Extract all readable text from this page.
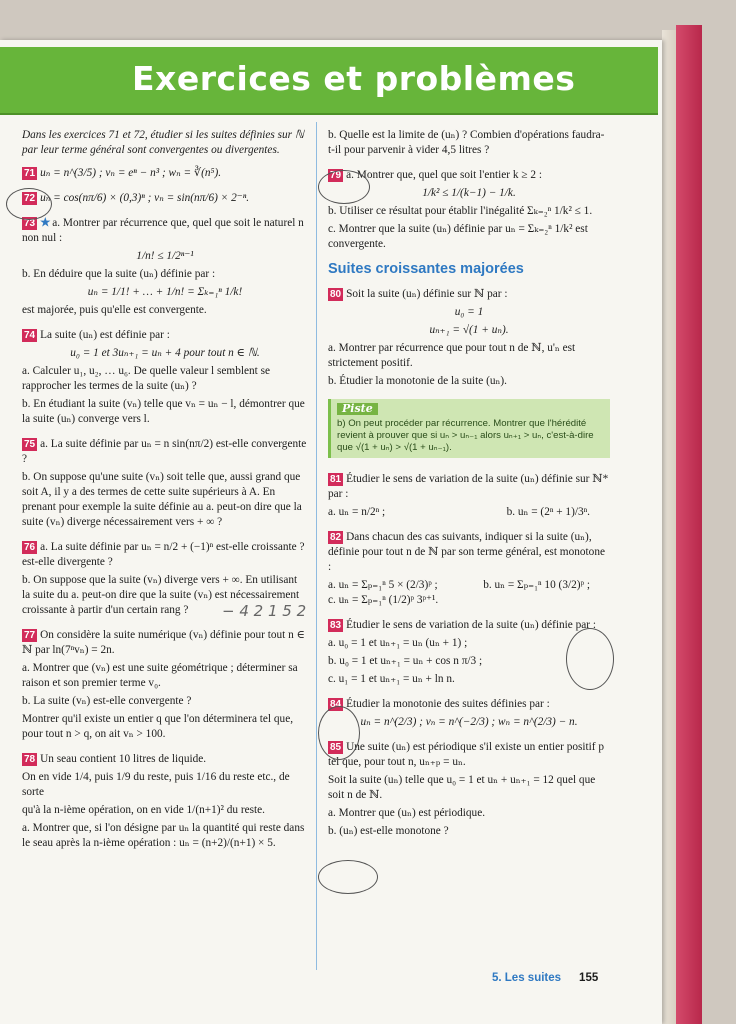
Exercices et problèmes

Dans les exercices 71 et 72, étudier si les suites définies sur ℕ par leur terme général sont convergentes ou divergentes.

71 uₙ = n^(3/5) ; vₙ = eⁿ − n³ ; wₙ = ∛(n⁵).

72 uₙ = cos(nπ/6) × (0,3)ⁿ ; vₙ = sin(nπ/6) × 2⁻ⁿ.

73 ★ a. Montrer par récurrence que, quel que soit le naturel n non nul :

1/n! ≤ 1/2ⁿ⁻¹

b. En déduire que la suite (uₙ) définie par :

uₙ = 1/1! + … + 1/n! = Σₖ₌₁ⁿ 1/k!

est majorée, puis qu'elle est convergente.

74 La suite (uₙ) est définie par :

u₀ = 1 et 3uₙ₊₁ = uₙ + 4 pour tout n ∈ ℕ.

a. Calculer u₁, u₂, … u₆. De quelle valeur l semblent se rapprocher les termes de la suite (uₙ) ?

b. En étudiant la suite (vₙ) telle que vₙ = uₙ − l, démontrer que la suite (uₙ) converge vers l.

75 a. La suite définie par uₙ = n sin(nπ/2) est-elle convergente ?

b. On suppose qu'une suite (vₙ) soit telle que, aussi grand que soit A, il y a des termes de cette suite supérieurs à A. En prenant pour exemple la suite définie au a. peut-on dire que la suite (vₙ) diverge nécessairement vers + ∞ ?

76 a. La suite définie par uₙ = n/2 + (−1)ⁿ est-elle croissante ? est-elle divergente ?

b. On suppose que la suite (vₙ) diverge vers + ∞. En utilisant la suite du a. peut-on dire que la suite (vₙ) est nécessairement croissante à partir d'un certain rang ?

77 On considère la suite numérique (vₙ) définie pour tout n ∈ ℕ par ln(7ⁿvₙ) = 2n.

a. Montrer que (vₙ) est une suite géométrique ; déterminer sa raison et son premier terme v₀.

b. La suite (vₙ) est-elle convergente ?

Montrer qu'il existe un entier q que l'on déterminera tel que, pour tout n > q, on ait vₙ > 100.

78 Un seau contient 10 litres de liquide.

On en vide 1/4, puis 1/9 du reste, puis 1/16 du reste etc., de sorte

qu'à la n-ième opération, on en vide 1/(n+1)² du reste.

a. Montrer que, si l'on désigne par uₙ la quantité qui reste dans le seau après la n-ième opération : uₙ = (n+2)/(n+1) × 5.

b. Quelle est la limite de (uₙ) ? Combien d'opérations faudra-t-il pour parvenir à vider 4,5 litres ?

79 a. Montrer que, quel que soit l'entier k ≥ 2 :

1/k² ≤ 1/(k−1) − 1/k.

b. Utiliser ce résultat pour établir l'inégalité Σₖ₌₂ⁿ 1/k² ≤ 1.

c. Montrer que la suite (uₙ) définie par uₙ = Σₖ₌₂ⁿ 1/k² est convergente.

Suites croissantes majorées

80 Soit la suite (uₙ) définie sur ℕ par :

u₀ = 1

uₙ₊₁ = √(1 + uₙ).

a. Montrer par récurrence que pour tout n de ℕ, u'ₙ est strictement positif.

b. Étudier la monotonie de la suite (uₙ).

Piste
b) On peut procéder par récurrence. Montrer que l'hérédité revient à prouver que si uₙ > uₙ₋₁ alors uₙ₊₁ > uₙ, c'est-à-dire que √(1 + uₙ) > √(1 + uₙ₋₁).

81 Étudier le sens de variation de la suite (uₙ) définie sur ℕ* par :

a. uₙ = n/2ⁿ ;	b. uₙ = (2ⁿ + 1)/3ⁿ.

82 Dans chacun des cas suivants, indiquer si la suite (uₙ), définie pour tout n de ℕ par son terme général, est monotone :

a. uₙ = Σₚ₌₁ⁿ 5 × (2/3)ᵖ ;	b. uₙ = Σₚ₌₁ⁿ 10 (3/2)ᵖ ;

c. uₙ = Σₚ₌₁ⁿ (1/2)ᵖ 3ᵖ⁺¹.

83 Étudier le sens de variation de la suite (uₙ) définie par :

a. u₀ = 1 et uₙ₊₁ = uₙ (uₙ + 1) ;

b. u₀ = 1 et uₙ₊₁ = uₙ + cos n π/3 ;

c. u₁ = 1 et uₙ₊₁ = uₙ + ln n.

84 Étudier la monotonie des suites définies par :

uₙ = n^(2/3) ; vₙ = n^(−2/3) ; wₙ = n^(2/3) − n.

85 Une suite (uₙ) est périodique s'il existe un entier positif p tel que, pour tout n, uₙ₊ₚ = uₙ.

Soit la suite (uₙ) telle que u₀ = 1 et uₙ + uₙ₊₁ = 12 quel que soit n de ℕ.

a. Montrer que (uₙ) est périodique.

b. (uₙ) est-elle monotone ?

− 4 2 1 5 2
5. Les suites 155
